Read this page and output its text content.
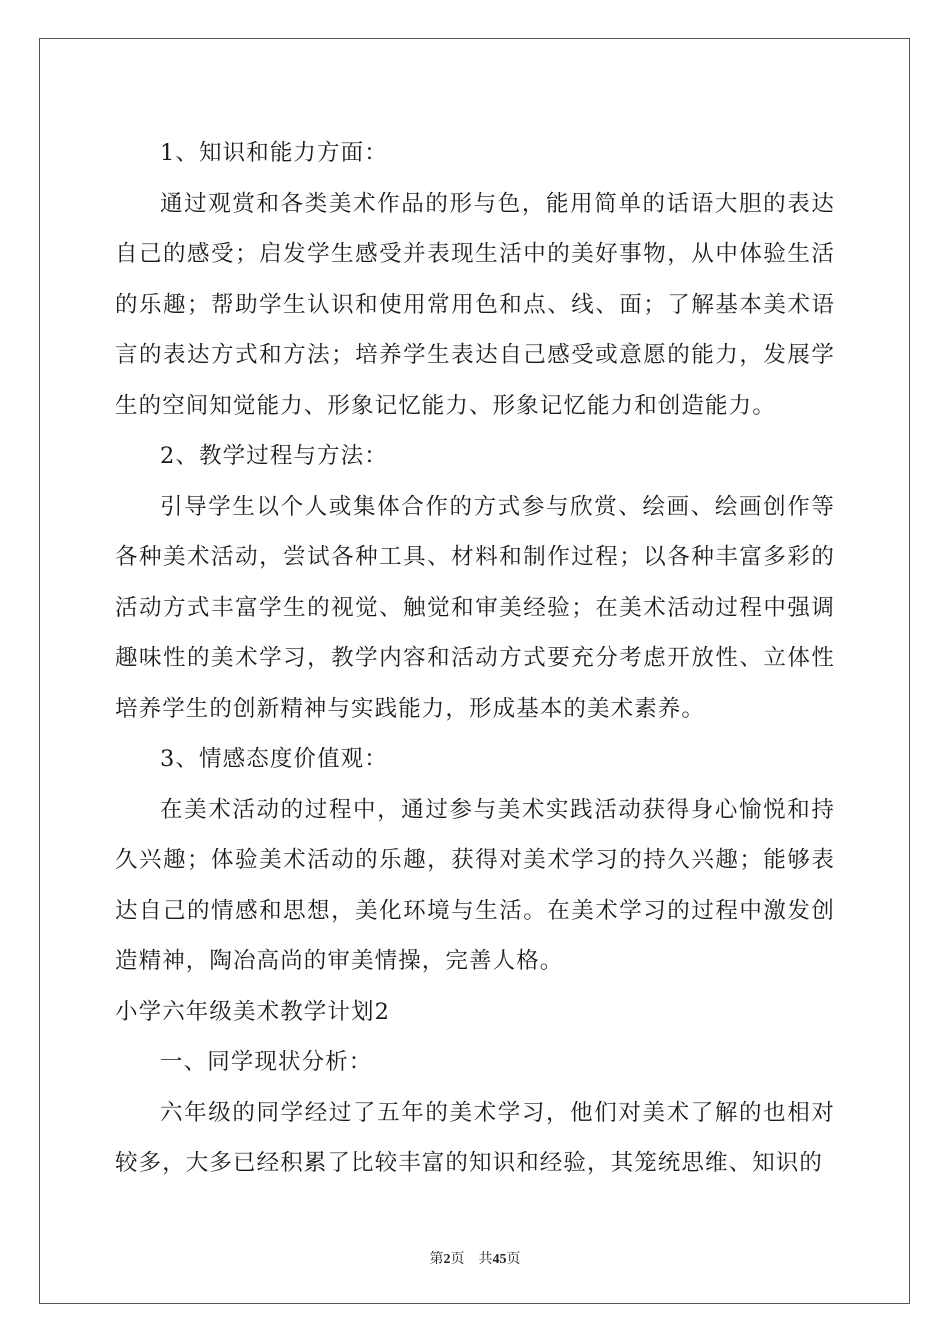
1、知识和能力方面：

通过观赏和各类美术作品的形与色，能用简单的话语大胆的表达自己的感受；启发学生感受并表现生活中的美好事物，从中体验生活的乐趣；帮助学生认识和使用常用色和点、线、面；了解基本美术语言的表达方式和方法；培养学生表达自己感受或意愿的能力，发展学生的空间知觉能力、形象记忆能力、形象记忆能力和创造能力。

2、教学过程与方法：

引导学生以个人或集体合作的方式参与欣赏、绘画、绘画创作等各种美术活动，尝试各种工具、材料和制作过程；以各种丰富多彩的活动方式丰富学生的视觉、触觉和审美经验；在美术活动过程中强调趣味性的美术学习，教学内容和活动方式要充分考虑开放性、立体性培养学生的创新精神与实践能力，形成基本的美术素养。

3、情感态度价值观：

在美术活动的过程中，通过参与美术实践活动获得身心愉悦和持久兴趣；体验美术活动的乐趣，获得对美术学习的持久兴趣；能够表达自己的情感和思想，美化环境与生活。在美术学习的过程中激发创造精神，陶冶高尚的审美情操，完善人格。

小学六年级美术教学计划2

一、同学现状分析：

六年级的同学经过了五年的美术学习，他们对美术了解的也相对较多，大多已经积累了比较丰富的知识和经验，其笼统思维、知识的

第2页　共45页
